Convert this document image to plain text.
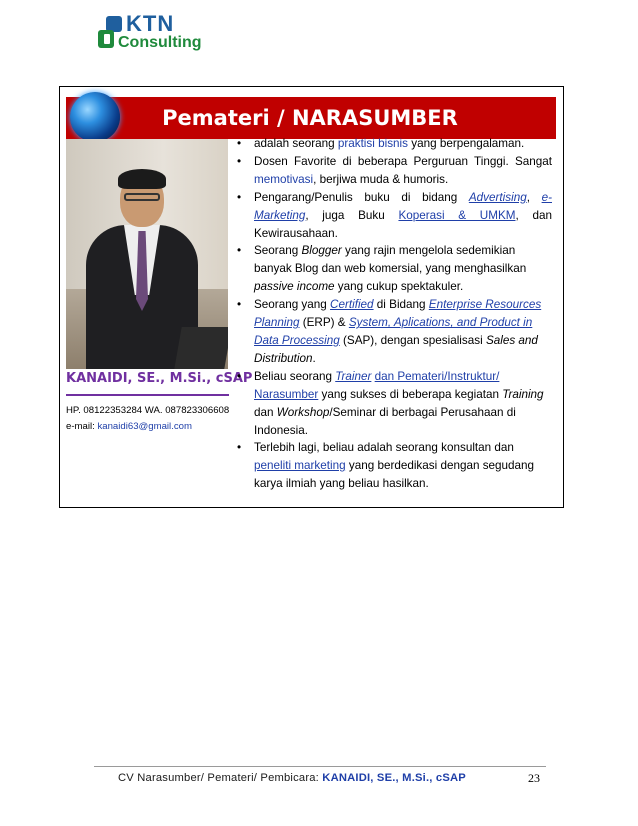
KTN
Consulting
Pemateri / NARASUMBER
KANAIDI, SE., M.Si., cSAP
HP. 08122353284 WA. 087823306608
e-mail: kanaidi63@gmail.com
• adalah seorang praktisi bisnis yang berpengalaman.
• Dosen Favorite di beberapa Perguruan Tinggi. Sangat memotivasi, berjiwa muda & humoris.
• Pengarang/Penulis buku di bidang Advertising, e-Marketing, juga Buku Koperasi & UMKM, dan Kewirausahaan.
• Seorang Blogger yang rajin mengelola sedemikian banyak Blog dan web komersial, yang menghasilkan passive income yang cukup spektakuler.
• Seorang yang Certified di Bidang Enterprise Resources Planning (ERP) & System, Aplications, and Product in Data Processing (SAP), dengan spesialisasi Sales and Distribution.
• Beliau seorang Trainer dan Pemateri/Instruktur/ Narasumber yang sukses di beberapa kegiatan Training dan Workshop/Seminar di berbagai Perusahaan di Indonesia.
• Terlebih lagi, beliau adalah seorang konsultan dan peneliti marketing yang berdedikasi dengan segudang karya ilmiah yang beliau hasilkan.
CV Narasumber/ Pemateri/ Pembicara: KANAIDI, SE., M.Si., cSAP	23
